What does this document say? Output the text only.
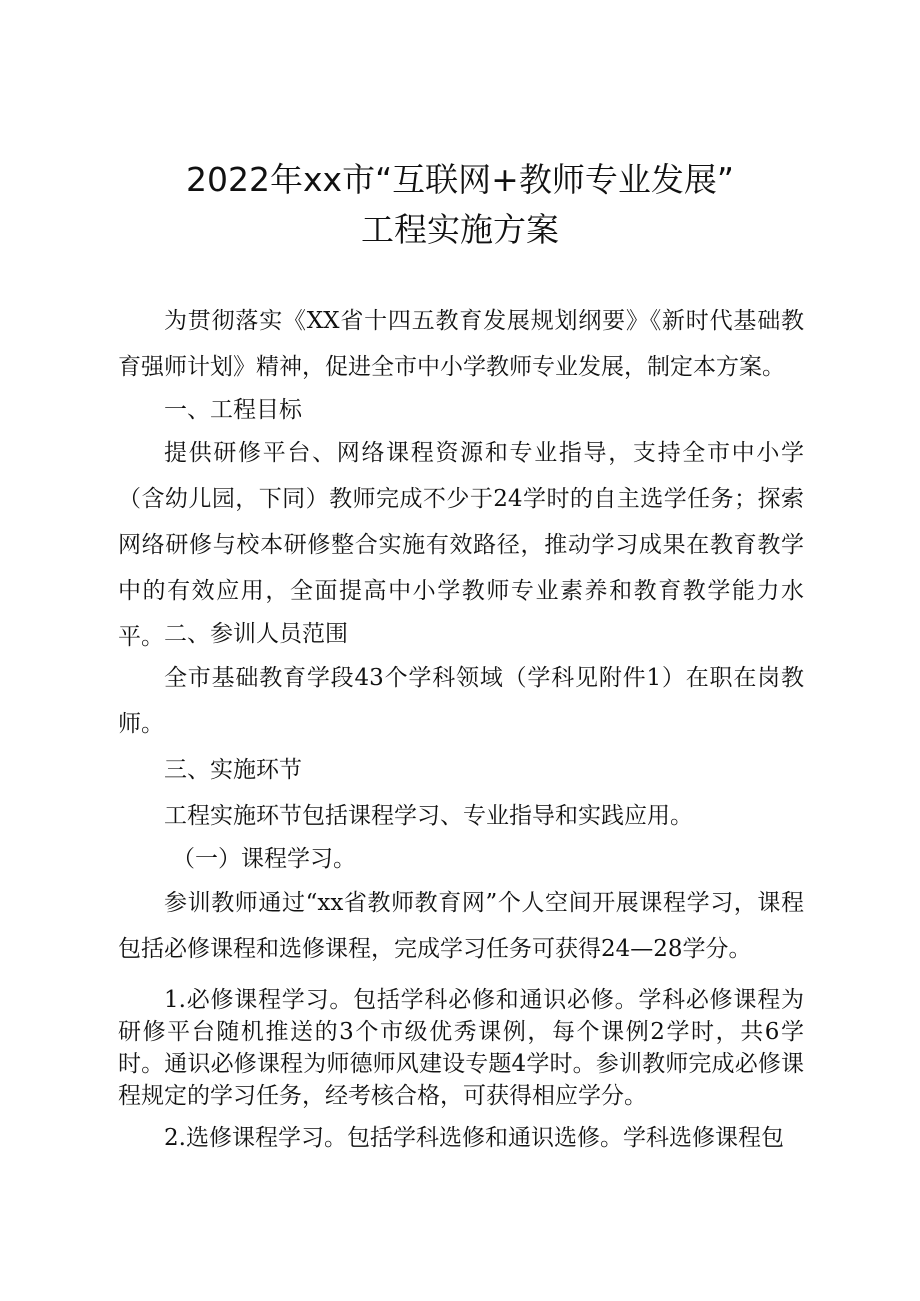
2022年xx市“互联网+教师专业发展”
工程实施方案

为贯彻落实《XX省十四五教育发展规划纲要》《新时代基础教育强师计划》精神，促进全市中小学教师专业发展，制定本方案。

一、工程目标

提供研修平台、网络课程资源和专业指导，支持全市中小学（含幼儿园，下同）教师完成不少于24学时的自主选学任务；探索网络研修与校本研修整合实施有效路径，推动学习成果在教育教学中的有效应用，全面提高中小学教师专业素养和教育教学能力水平。 二、参训人员范围

全市基础教育学段43个学科领域（学科见附件1）在职在岗教师。

三、实施环节

工程实施环节包括课程学习、专业指导和实践应用。

（一）课程学习。

参训教师通过“xx省教师教育网”个人空间开展课程学习，课程包括必修课程和选修课程，完成学习任务可获得24—28学分。

1.必修课程学习。包括学科必修和通识必修。学科必修课程为研修平台随机推送的3个市级优秀课例，每个课例2学时，共6学时。通识必修课程为师德师风建设专题4学时。参训教师完成必修课程规定的学习任务，经考核合格，可获得相应学分。

2.选修课程学习。包括学科选修和通识选修。学科选修课程包
